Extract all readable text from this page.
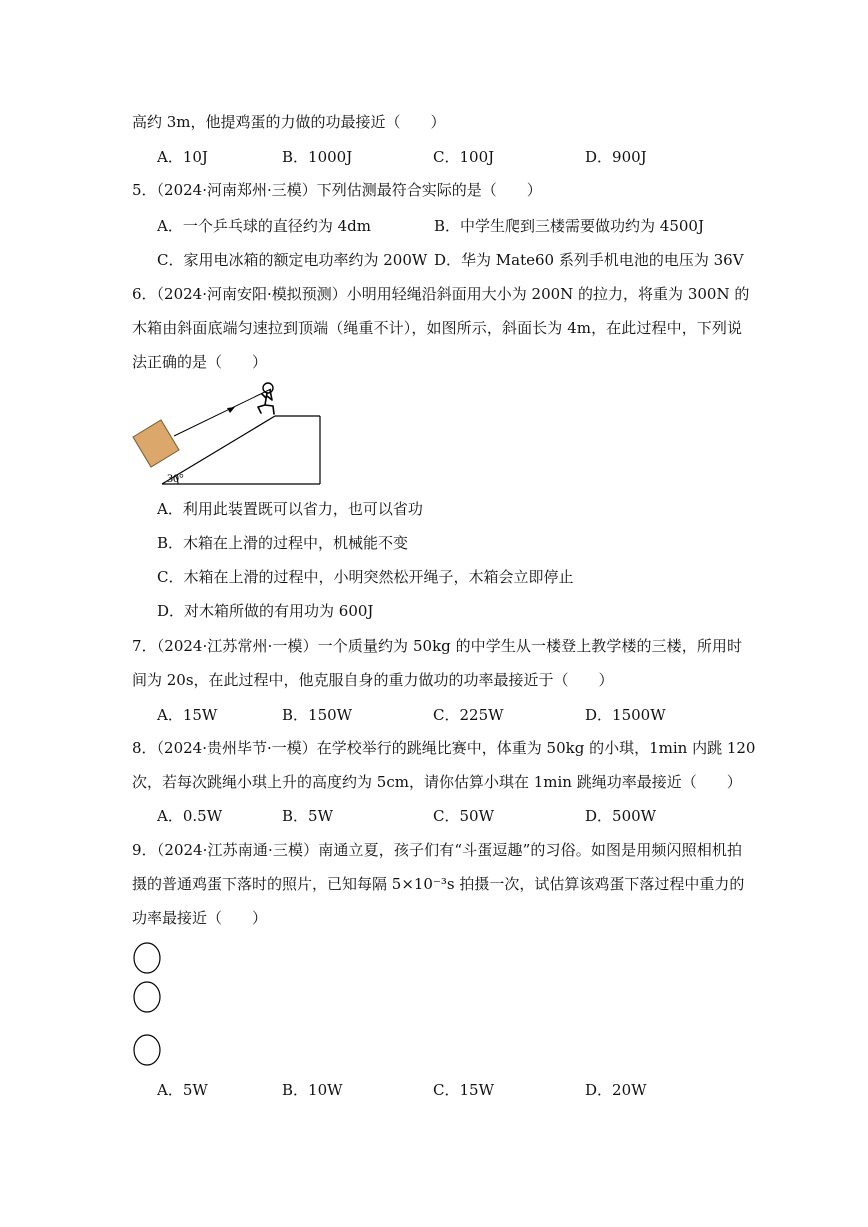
高约 3m，他提鸡蛋的力做的功最接近（　　）
A．10J	B．1000J	C．100J	D．900J
5．（2024·河南郑州·三模）下列估测最符合实际的是（　　）
A．一个乒乓球的直径约为 4dm	B．中学生爬到三楼需要做功约为 4500J
C．家用电冰箱的额定电功率约为 200W D．华为 Mate60 系列手机电池的电压为 36V
6．（2024·河南安阳·模拟预测）小明用轻绳沿斜面用大小为 200N 的拉力，将重为 300N 的
木箱由斜面底端匀速拉到顶端（绳重不计），如图所示，斜面长为 4m，在此过程中，下列说
法正确的是（　　）
30°
A．利用此装置既可以省力，也可以省功
B．木箱在上滑的过程中，机械能不变
C．木箱在上滑的过程中，小明突然松开绳子，木箱会立即停止
D．对木箱所做的有用功为 600J
7．（2024·江苏常州·一模）一个质量约为 50kg 的中学生从一楼登上教学楼的三楼，所用时
间为 20s，在此过程中，他克服自身的重力做功的功率最接近于（　　）
A．15W	B．150W	C．225W	D．1500W
8．（2024·贵州毕节·一模）在学校举行的跳绳比赛中，体重为 50kg 的小琪，1min 内跳 120
次，若每次跳绳小琪上升的高度约为 5cm，请你估算小琪在 1min 跳绳功率最接近（　　）
A．0.5W	B．5W	C．50W	D．500W
9．（2024·江苏南通·三模）南通立夏，孩子们有“斗蛋逗趣”的习俗。如图是用频闪照相机拍
摄的普通鸡蛋下落时的照片，已知每隔 5×10⁻³s 拍摄一次，试估算该鸡蛋下落过程中重力的
功率最接近（　　）
A．5W	B．10W	C．15W	D．20W
